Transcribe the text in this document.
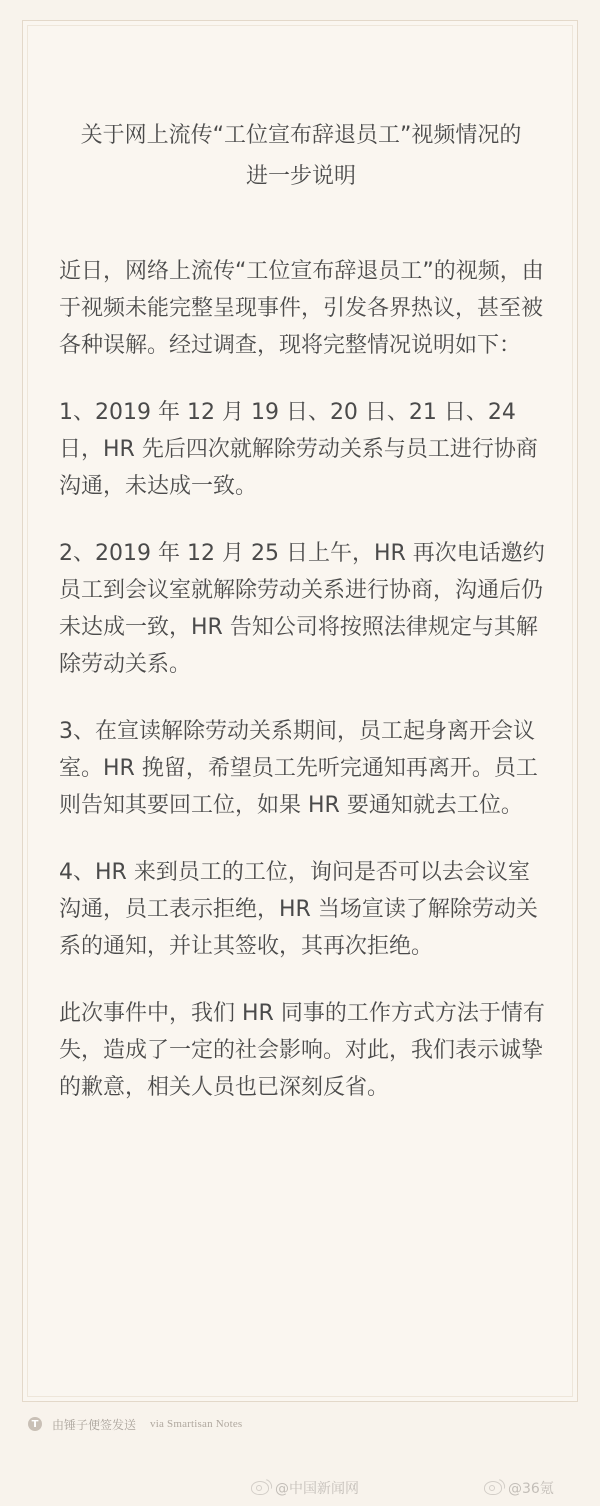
关于网上流传“工位宣布辞退员工”视频情况的
进一步说明

近日，网络上流传“工位宣布辞退员工”的视频，由于视频未能完整呈现事件，引发各界热议，甚至被各种误解。经过调查，现将完整情况说明如下：

1、2019 年 12 月 19 日、20 日、21 日、24 日，HR 先后四次就解除劳动关系与员工进行协商沟通，未达成一致。

2、2019 年 12 月 25 日上午，HR 再次电话邀约员工到会议室就解除劳动关系进行协商，沟通后仍未达成一致，HR 告知公司将按照法律规定与其解除劳动关系。

3、在宣读解除劳动关系期间，员工起身离开会议室。HR 挽留，希望员工先听完通知再离开。员工则告知其要回工位，如果 HR 要通知就去工位。

4、HR 来到员工的工位，询问是否可以去会议室沟通，员工表示拒绝，HR 当场宣读了解除劳动关系的通知，并让其签收，其再次拒绝。

此次事件中，我们 HR 同事的工作方式方法于情有失，造成了一定的社会影响。对此，我们表示诚挚的歉意，相关人员也已深刻反省。

T 由锤子便签发送 via Smartisan Notes
@中国新闻网	@36氪
